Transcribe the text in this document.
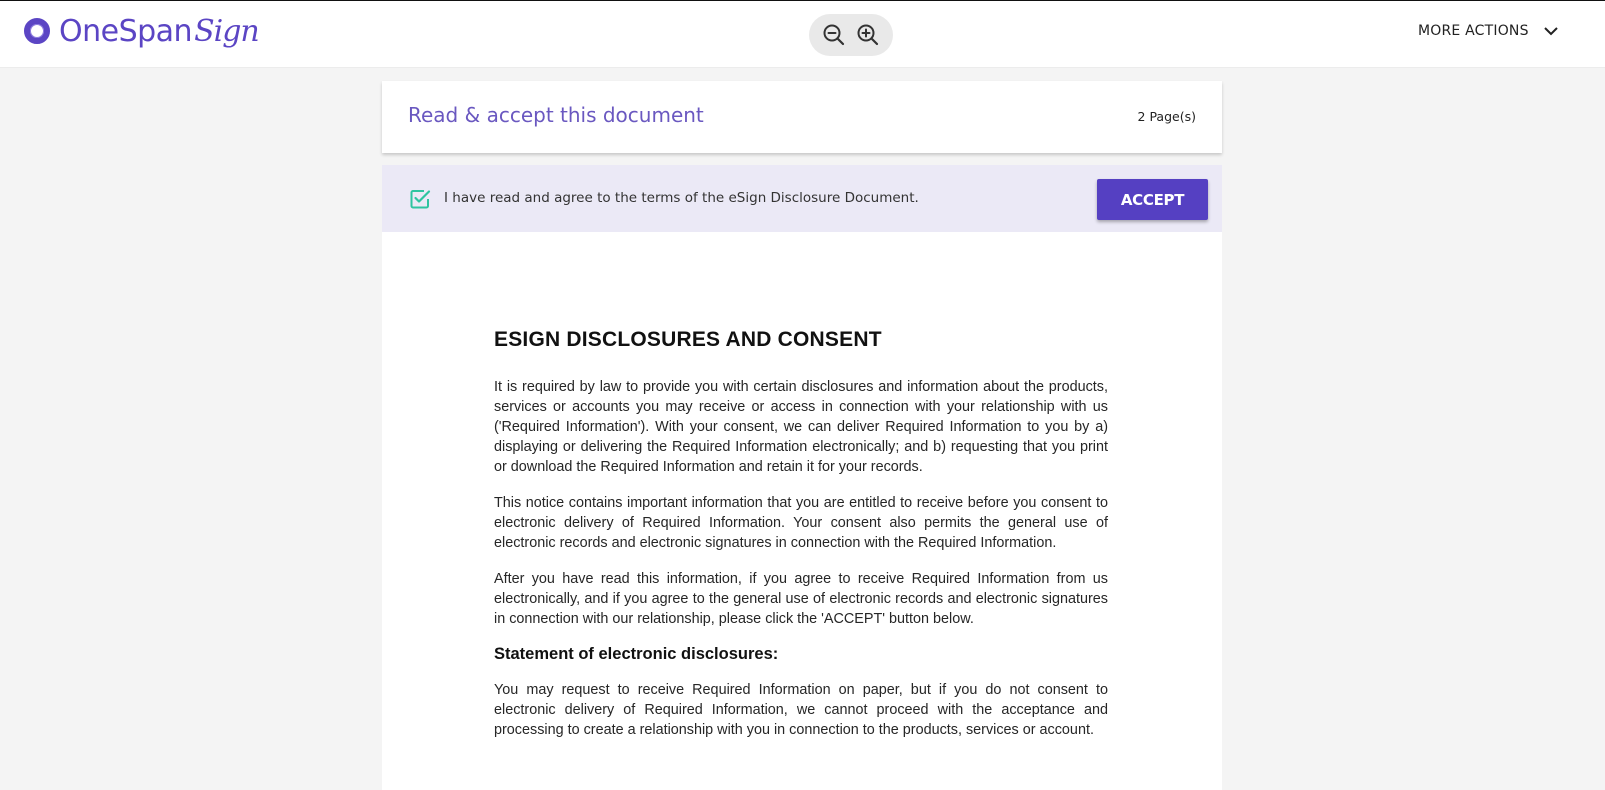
OneSpan Sign	MORE ACTIONS
Read & accept this document	2 Page(s)
I have read and agree to the terms of the eSign Disclosure Document.	ACCEPT
ESIGN DISCLOSURES AND CONSENT

It is required by law to provide you with certain disclosures and information about the products, services or accounts you may receive or access in connection with your relationship with us ('Required Information'). With your consent, we can deliver Required Information to you by a) displaying or delivering the Required Information electronically; and b) requesting that you print or download the Required Information and retain it for your records.

This notice contains important information that you are entitled to receive before you consent to electronic delivery of Required Information. Your consent also permits the general use of electronic records and electronic signatures in connection with the Required Information.

After you have read this information, if you agree to receive Required Information from us electronically, and if you agree to the general use of electronic records and electronic signatures in connection with our relationship, please click the 'ACCEPT' button below.

Statement of electronic disclosures:

You may request to receive Required Information on paper, but if you do not consent to electronic delivery of Required Information, we cannot proceed with the acceptance and processing to create a relationship with you in connection to the products, services or account.
